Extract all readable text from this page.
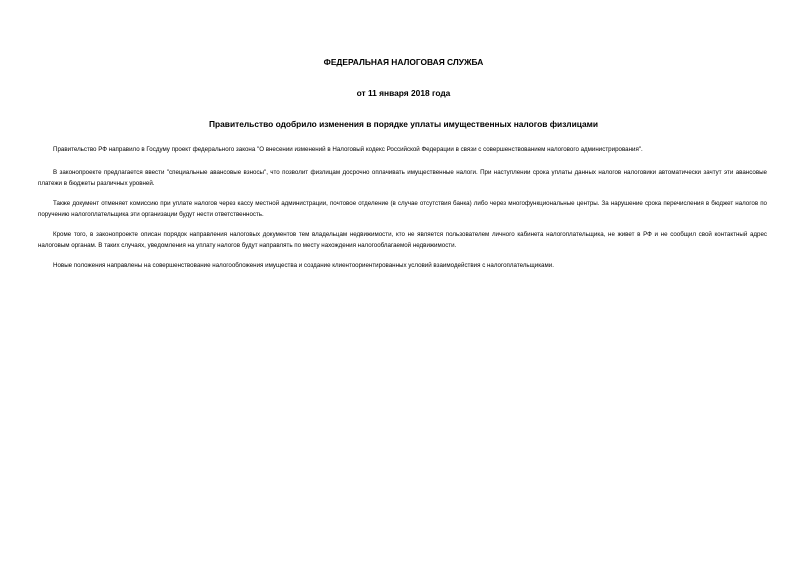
ФЕДЕРАЛЬНАЯ НАЛОГОВАЯ СЛУЖБА
от 11 января 2018 года
Правительство одобрило изменения в порядке уплаты имущественных налогов физлицами

Правительство РФ направило в Госдуму проект федерального закона "О внесении изменений в Налоговый кодекс Российской Федерации в связи с совершенствованием налогового администрирования".

В законопроекте предлагается ввести "специальные авансовые взносы", что позволит физлицам досрочно оплачивать имущественные налоги. При наступлении срока уплаты данных налогов налоговики автоматически зачтут эти авансовые платежи в бюджеты различных уровней.

Также документ отменяет комиссию при уплате налогов через кассу местной администрации, почтовое отделение (в случае отсутствия банка) либо через многофункциональные центры. За нарушение срока перечисления в бюджет налогов по поручению налогоплательщика эти организации будут нести ответственность.

Кроме того, в законопроекте описан порядок направления налоговых документов тем владельцам недвижимости, кто не является пользователем личного кабинета налогоплательщика, не живет в РФ и не сообщил свой контактный адрес налоговым органам. В таких случаях, уведомления на уплату налогов будут направлять по месту нахождения налогооблагаемой недвижимости.

Новые положения направлены на совершенствование налогообложения имущества и создание клиентоориентированных условий взаимодействия с налогоплательщиками.
